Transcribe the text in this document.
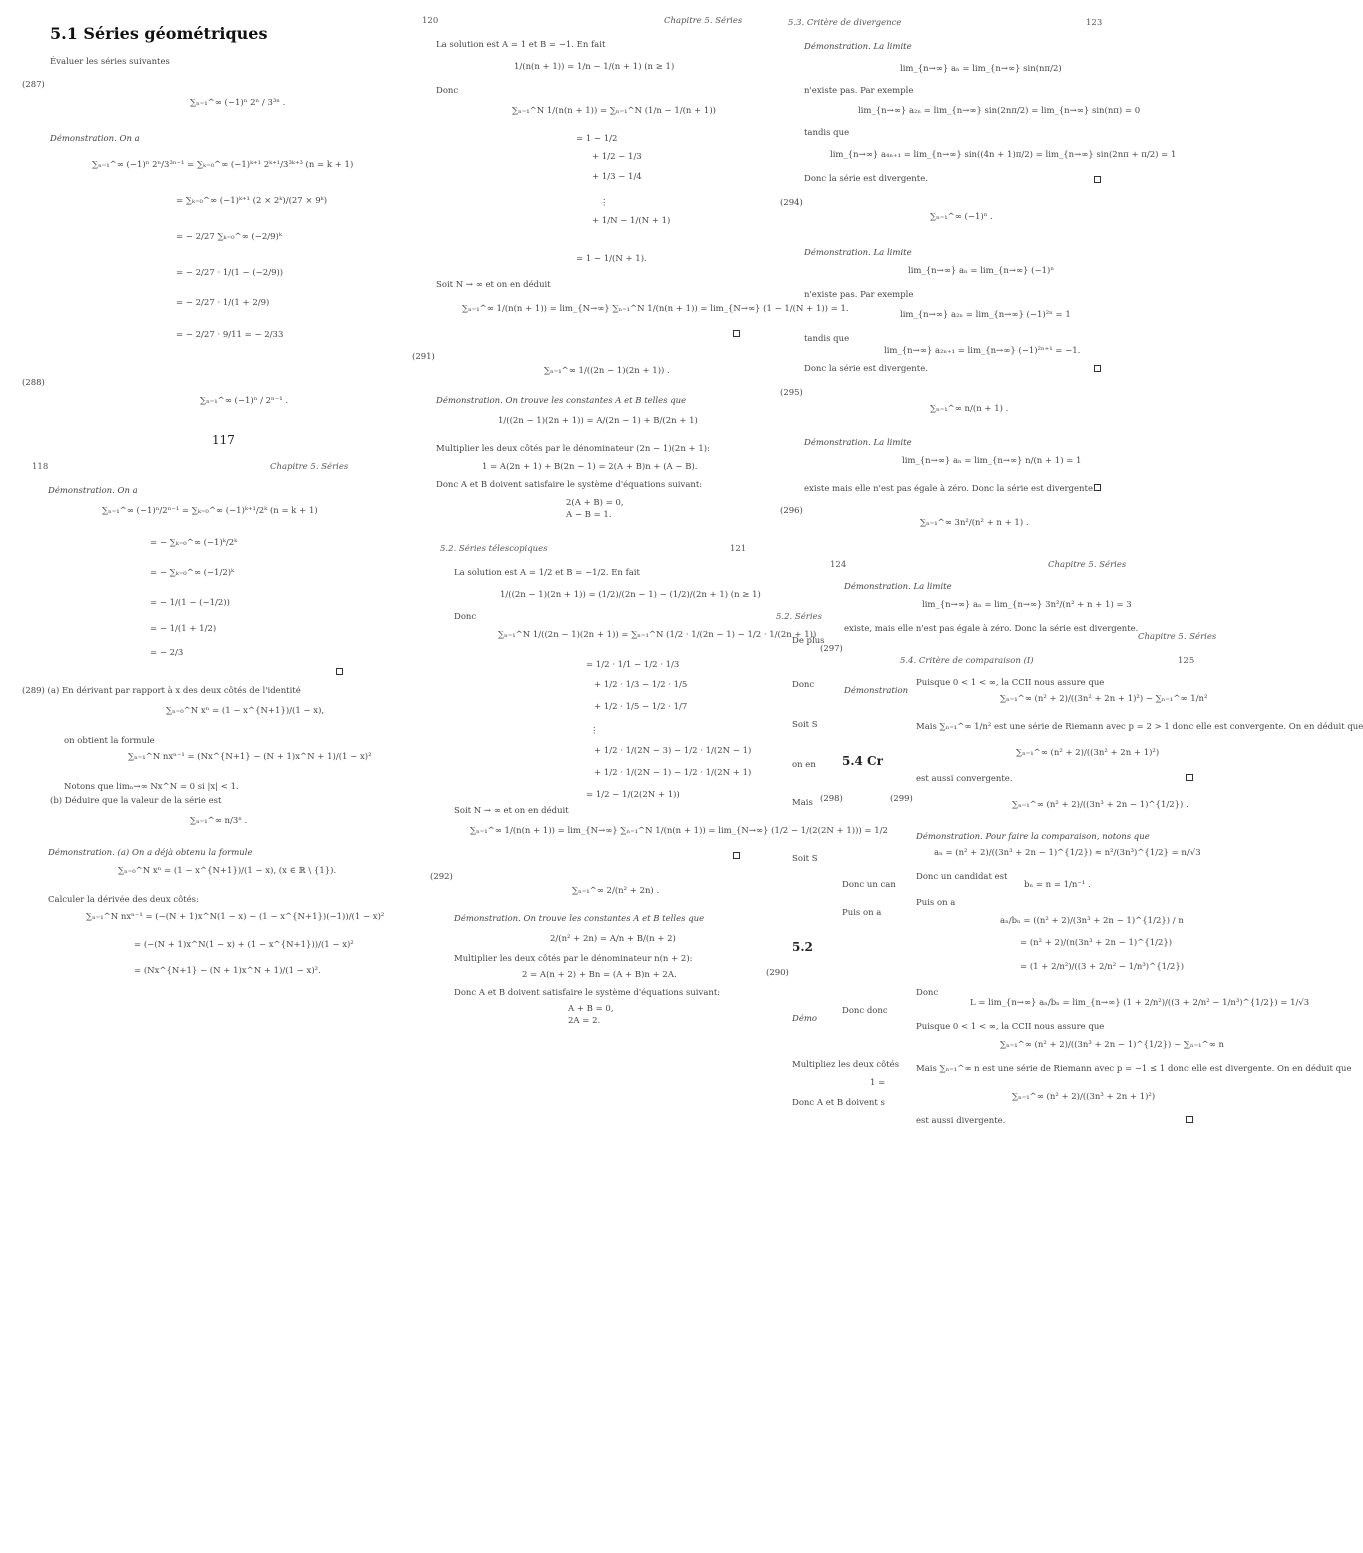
5.1 Séries géométriques
Évaluer les séries suivantes
(287)
∑ₙ₌₁^∞ (−1)ⁿ 2ⁿ / 3³ⁿ .
Démonstration. On a
∑ₙ₌₁^∞ (−1)ⁿ 2ⁿ/3³ⁿ⁻¹ = ∑ₖ₌₀^∞ (−1)ᵏ⁺¹ 2ᵏ⁺¹/3³ᵏ⁺³ (n = k + 1)
= ∑ₖ₌₀^∞ (−1)ᵏ⁺¹ (2 × 2ᵏ)/(27 × 9ᵏ)
= − 2/27 ∑ₖ₌₀^∞ (−2/9)ᵏ
= − 2/27 · 1/(1 − (−2/9))
= − 2/27 · 1/(1 + 2/9)
= − 2/27 · 9/11 = − 2/33
(288)
∑ₙ₌₁^∞ (−1)ⁿ / 2ⁿ⁻¹ .
117
118	Chapitre 5. Séries
Démonstration. On a
∑ₙ₌₁^∞ (−1)ⁿ/2ⁿ⁻¹ = ∑ₖ₌₀^∞ (−1)ᵏ⁺¹/2ᵏ (n = k + 1)
= − ∑ₖ₌₀^∞ (−1)ᵏ/2ᵏ
= − ∑ₖ₌₀^∞ (−1/2)ᵏ
= − 1/(1 − (−1/2))
= − 1/(1 + 1/2)
= − 2/3
(289) (a) En dérivant par rapport à x des deux côtés de l'identité
∑ₙ₌₀^N xⁿ = (1 − x^{N+1})/(1 − x),
on obtient la formule
∑ₙ₌₁^N nxⁿ⁻¹ = (Nx^{N+1} − (N + 1)x^N + 1)/(1 − x)²
Notons que limₙ→∞ Nx^N = 0 si |x| < 1.
(b) Déduire que la valeur de la série est
∑ₙ₌₁^∞ n/3ⁿ .
Démonstration. (a) On a déjà obtenu la formule
∑ₙ₌₀^N xⁿ = (1 − x^{N+1})/(1 − x), (x ∈ ℝ \ {1}).
Calculer la dérivée des deux côtés:
∑ₙ₌₁^N nxⁿ⁻¹ = (−(N + 1)x^N(1 − x) − (1 − x^{N+1})(−1))/(1 − x)²
= (−(N + 1)x^N(1 − x) + (1 − x^{N+1}))/(1 − x)²
= (Nx^{N+1} − (N + 1)x^N + 1)/(1 − x)².
120	Chapitre 5. Séries
La solution est A = 1 et B = −1. En fait
1/(n(n + 1)) = 1/n − 1/(n + 1) (n ≥ 1)
Donc
∑ₙ₌₁^N 1/(n(n + 1)) = ∑ₙ₌₁^N (1/n − 1/(n + 1))
= 1 − 1/2
+ 1/2 − 1/3
+ 1/3 − 1/4
⋮
+ 1/N − 1/(N + 1)
= 1 − 1/(N + 1).
Soit N → ∞ et on en déduit
∑ₙ₌₁^∞ 1/(n(n + 1)) = lim_{N→∞} ∑ₙ₌₁^N 1/(n(n + 1)) = lim_{N→∞} (1 − 1/(N + 1)) = 1.
(291)
∑ₙ₌₁^∞ 1/((2n − 1)(2n + 1)) .
Démonstration. On trouve les constantes A et B telles que
1/((2n − 1)(2n + 1)) = A/(2n − 1) + B/(2n + 1)
Multiplier les deux côtés par le dénominateur (2n − 1)(2n + 1):
1 = A(2n + 1) + B(2n − 1) = 2(A + B)n + (A − B).
Donc A et B doivent satisfaire le système d'équations suivant:
2(A + B) = 0,
A − B = 1.
5.2. Séries télescopiques	121
La solution est A = 1/2 et B = −1/2. En fait
1/((2n − 1)(2n + 1)) = (1/2)/(2n − 1) − (1/2)/(2n + 1) (n ≥ 1)
Donc
∑ₙ₌₁^N 1/((2n − 1)(2n + 1)) = ∑ₙ₌₁^N (1/2 · 1/(2n − 1) − 1/2 · 1/(2n + 1))
= 1/2 · 1/1 − 1/2 · 1/3
+ 1/2 · 1/3 − 1/2 · 1/5
+ 1/2 · 1/5 − 1/2 · 1/7
⋮
+ 1/2 · 1/(2N − 3) − 1/2 · 1/(2N − 1)
+ 1/2 · 1/(2N − 1) − 1/2 · 1/(2N + 1)
= 1/2 − 1/(2(2N + 1))
Soit N → ∞ et on en déduit
∑ₙ₌₁^∞ 1/(n(n + 1)) = lim_{N→∞} ∑ₙ₌₁^N 1/(n(n + 1)) = lim_{N→∞} (1/2 − 1/(2(2N + 1))) = 1/2
(292)
∑ₙ₌₁^∞ 2/(n² + 2n) .
Démonstration. On trouve les constantes A et B telles que
2/(n² + 2n) = A/n + B/(n + 2)
Multiplier les deux côtés par le dénominateur n(n + 2):
2 = A(n + 2) + Bn = (A + B)n + 2A.
Donc A et B doivent satisfaire le système d'équations suivant:
A + B = 0,
2A = 2.
5.3. Critère de divergence	123
Démonstration. La limite
lim_{n→∞} aₙ = lim_{n→∞} sin(nπ/2)
n'existe pas. Par exemple
lim_{n→∞} a₂ₙ = lim_{n→∞} sin(2nπ/2) = lim_{n→∞} sin(nπ) = 0
tandis que
lim_{n→∞} a₄ₙ₊₁ = lim_{n→∞} sin((4n + 1)π/2) = lim_{n→∞} sin(2nπ + π/2) = 1
Donc la série est divergente.
(294)
∑ₙ₌₁^∞ (−1)ⁿ .
Démonstration. La limite
lim_{n→∞} aₙ = lim_{n→∞} (−1)ⁿ
n'existe pas. Par exemple
lim_{n→∞} a₂ₙ = lim_{n→∞} (−1)²ⁿ = 1
tandis que
lim_{n→∞} a₂ₙ₊₁ = lim_{n→∞} (−1)²ⁿ⁺¹ = −1.
Donc la série est divergente.
(295)
∑ₙ₌₁^∞ n/(n + 1) .
Démonstration. La limite
lim_{n→∞} aₙ = lim_{n→∞} n/(n + 1) = 1
existe mais elle n'est pas égale à zéro. Donc la série est divergente.
(296)
∑ₙ₌₁^∞ 3n²/(n² + n + 1) .
124	Chapitre 5. Séries
Démonstration. La limite
lim_{n→∞} aₙ = lim_{n→∞} 3n²/(n² + n + 1) = 3
5.2. Séries
existe, mais elle n'est pas égale à zéro. Donc la série est divergente.
Chapitre 5. Séries
De plus
(297)
5.4. Critère de comparaison (I)	125
Donc	Puisque 0 < 1 < ∞, la CCII nous assure que
Démonstration
∑ₙ₌₁^∞ (n² + 2)/((3n² + 2n + 1)²) ~ ∑ₙ₌₁^∞ 1/n²
Soit S	Mais ∑ₙ₌₁^∞ 1/n² est une série de Riemann avec p = 2 > 1 donc elle est convergente. On en déduit que
∑ₙ₌₁^∞ (n² + 2)/((3n² + 2n + 1)²)
5.4 Cr
on en
est aussi convergente.
Mais (298)	(299)
∑ₙ₌₁^∞ (n² + 2)/((3n³ + 2n − 1)^{1/2}) .
Démonstration. Pour faire la comparaison, notons que
aₙ = (n² + 2)/((3n³ + 2n − 1)^{1/2}) ≈ n²/(3n³)^{1/2} = n/√3
Donc un candidat est
bₙ = n = 1/n⁻¹ .
Puis on a
aₙ/bₙ = ((n² + 2)/(3n³ + 2n − 1)^{1/2}) / n
= (n² + 2)/(n(3n³ + 2n − 1)^{1/2})
5.2
= (1 + 2/n²)/((3 + 2/n² − 1/n³)^{1/2})
(290)
Donc
L = lim_{n→∞} aₙ/bₙ = lim_{n→∞} (1 + 2/n²)/((3 + 2/n² − 1/n³)^{1/2}) = 1/√3
Donc donc
Démo
Puisque 0 < 1 < ∞, la CCII nous assure que
∑ₙ₌₁^∞ (n² + 2)/((3n³ + 2n − 1)^{1/2}) ~ ∑ₙ₌₁^∞ n
Multipliez les deux côtés Mais ∑ₙ₌₁^∞ n est une série de Riemann avec p = −1 ≤ 1 donc elle est divergente. On en déduit que
1 =
∑ₙ₌₁^∞ (n² + 2)/((3n³ + 2n + 1)²)
Donc A et B doivent s
est aussi divergente.
Donc un can
Puis on a
Soit S
